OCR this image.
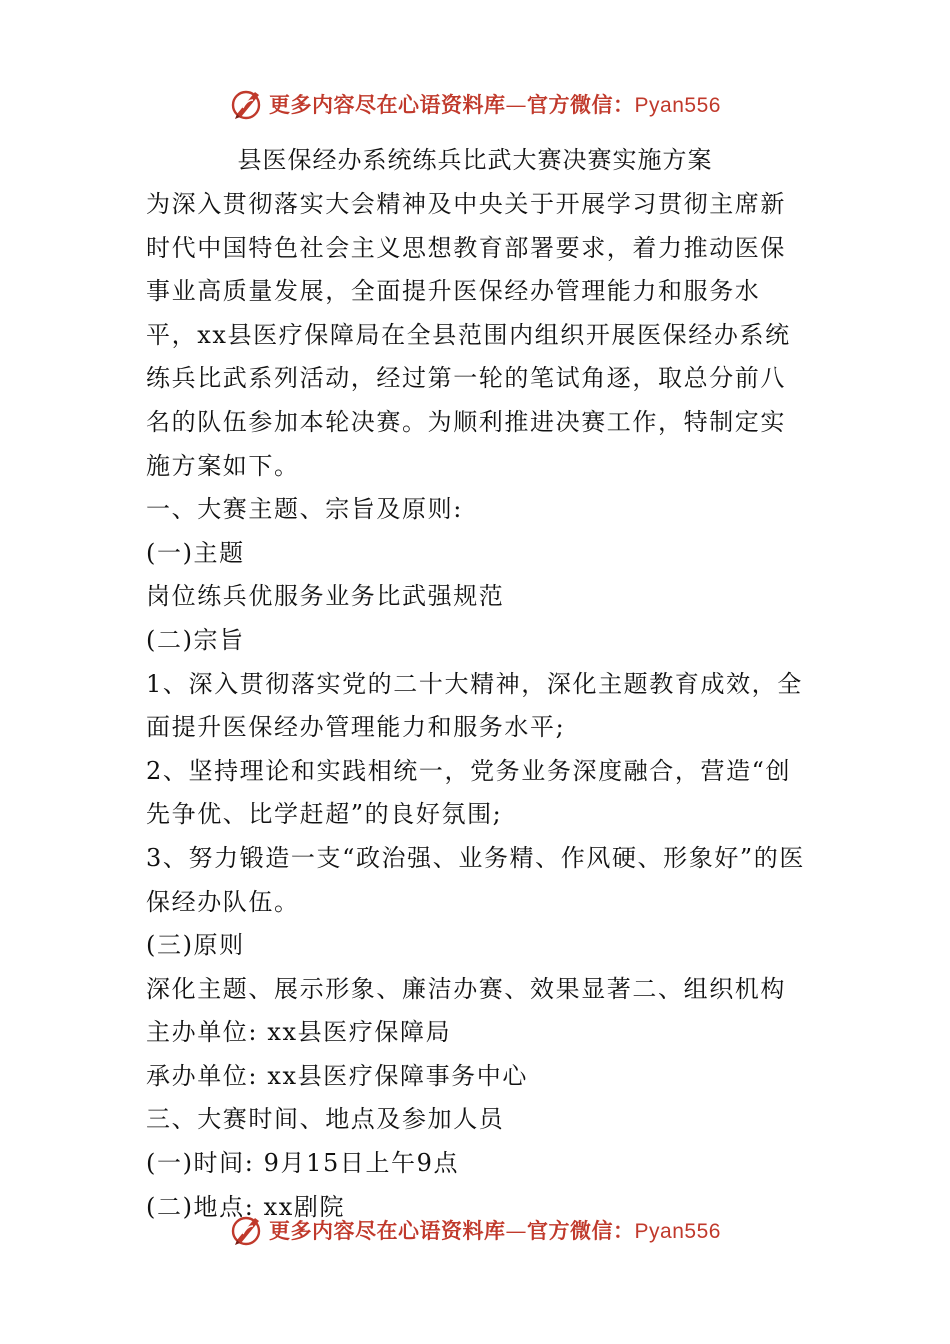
更多内容尽在心语资料库—官方微信：Pyan556
县医保经办系统练兵比武大赛决赛实施方案

为深入贯彻落实大会精神及中央关于开展学习贯彻主席新时代中国特色社会主义思想教育部署要求，着力推动医保事业高质量发展，全面提升医保经办管理能力和服务水平，xx县医疗保障局在全县范围内组织开展医保经办系统练兵比武系列活动，经过第一轮的笔试角逐，取总分前八名的队伍参加本轮决赛。为顺利推进决赛工作，特制定实施方案如下。

一、大赛主题、宗旨及原则:

(一)主题

岗位练兵优服务业务比武强规范

(二)宗旨

1、深入贯彻落实党的二十大精神，深化主题教育成效，全面提升医保经办管理能力和服务水平;

2、坚持理论和实践相统一，党务业务深度融合，营造“创先争优、比学赶超”的良好氛围;

3、努力锻造一支“政治强、业务精、作风硬、形象好”的医保经办队伍。

(三)原则

深化主题、展示形象、廉洁办赛、效果显著二、组织机构

主办单位: xx县医疗保障局

承办单位: xx县医疗保障事务中心

三、大赛时间、地点及参加人员

(一)时间: 9月15日上午9点

(二)地点: xx剧院

更多内容尽在心语资料库—官方微信：Pyan556
